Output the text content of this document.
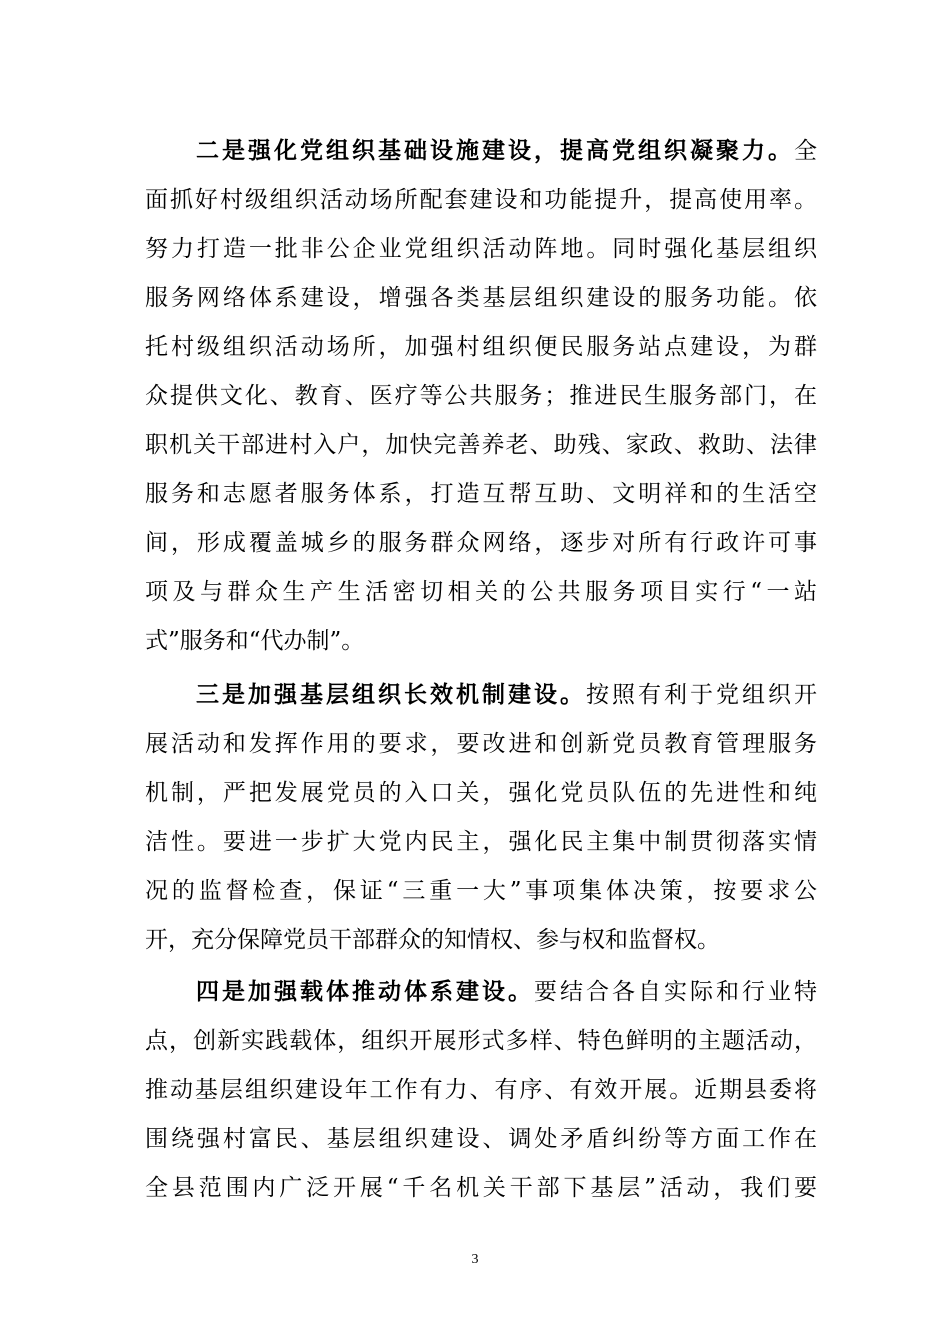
二是强化党组织基础设施建设，提高党组织凝聚力。全
面抓好村级组织活动场所配套建设和功能提升，提高使用率。
努力打造一批非公企业党组织活动阵地。同时强化基层组织
服务网络体系建设，增强各类基层组织建设的服务功能。依
托村级组织活动场所，加强村组织便民服务站点建设，为群
众提供文化、教育、医疗等公共服务；推进民生服务部门，在
职机关干部进村入户，加快完善养老、助残、家政、救助、法律
服务和志愿者服务体系，打造互帮互助、文明祥和的生活空
间，形成覆盖城乡的服务群众网络，逐步对所有行政许可事
项及与群众生产生活密切相关的公共服务项目实行“一站
式”服务和“代办制”。
三是加强基层组织长效机制建设。按照有利于党组织开
展活动和发挥作用的要求，要改进和创新党员教育管理服务
机制，严把发展党员的入口关，强化党员队伍的先进性和纯
洁性。要进一步扩大党内民主，强化民主集中制贯彻落实情
况的监督检查，保证“三重一大”事项集体决策，按要求公
开，充分保障党员干部群众的知情权、参与权和监督权。
四是加强载体推动体系建设。要结合各自实际和行业特
点，创新实践载体，组织开展形式多样、特色鲜明的主题活动，
推动基层组织建设年工作有力、有序、有效开展。近期县委将
围绕强村富民、基层组织建设、调处矛盾纠纷等方面工作在
全县范围内广泛开展“千名机关干部下基层”活动，我们要
3
